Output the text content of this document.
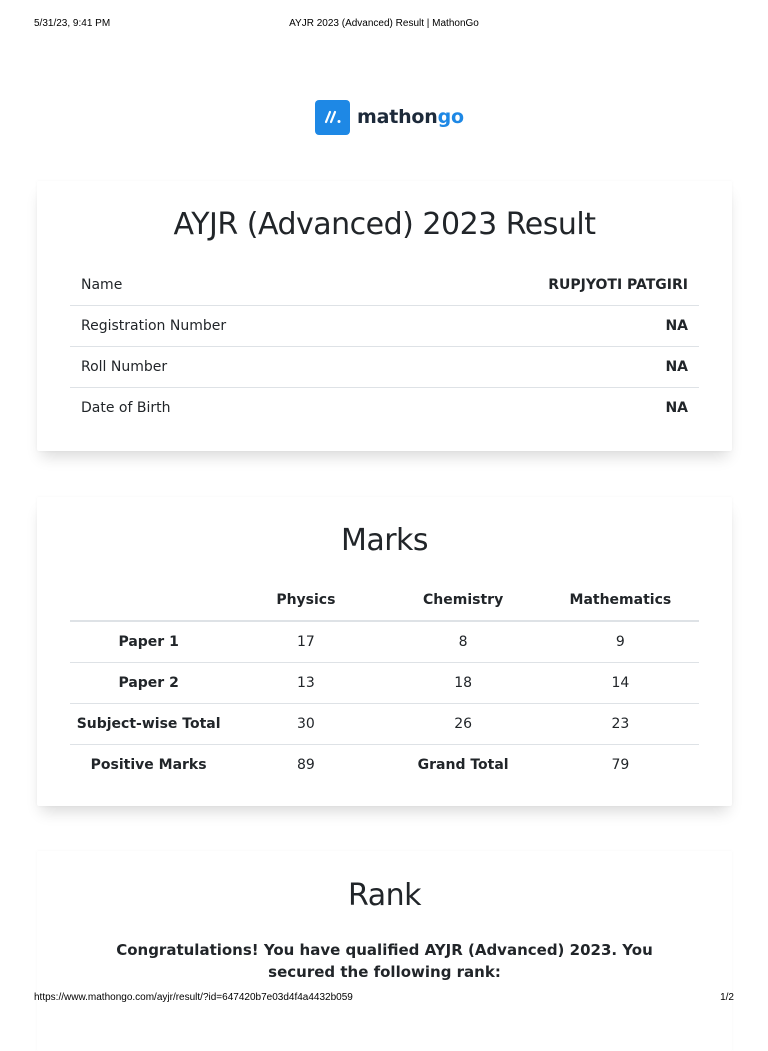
5/31/23, 9:41 PM	AYJR 2023 (Advanced) Result | MathonGo
mathongo
AYJR (Advanced) 2023 Result
Name	RUPJYOTI PATGIRI
Registration Number	NA
Roll Number	NA
Date of Birth	NA
Marks
	Physics	Chemistry	Mathematics
Paper 1	17	8	9
Paper 2	13	18	14
Subject-wise Total	30	26	23
Positive Marks	89	Grand Total	79
Rank
Congratulations! You have qualified AYJR (Advanced) 2023. You secured the following rank:
https://www.mathongo.com/ayjr/result/?id=647420b7e03d4f4a4432b059	1/2
